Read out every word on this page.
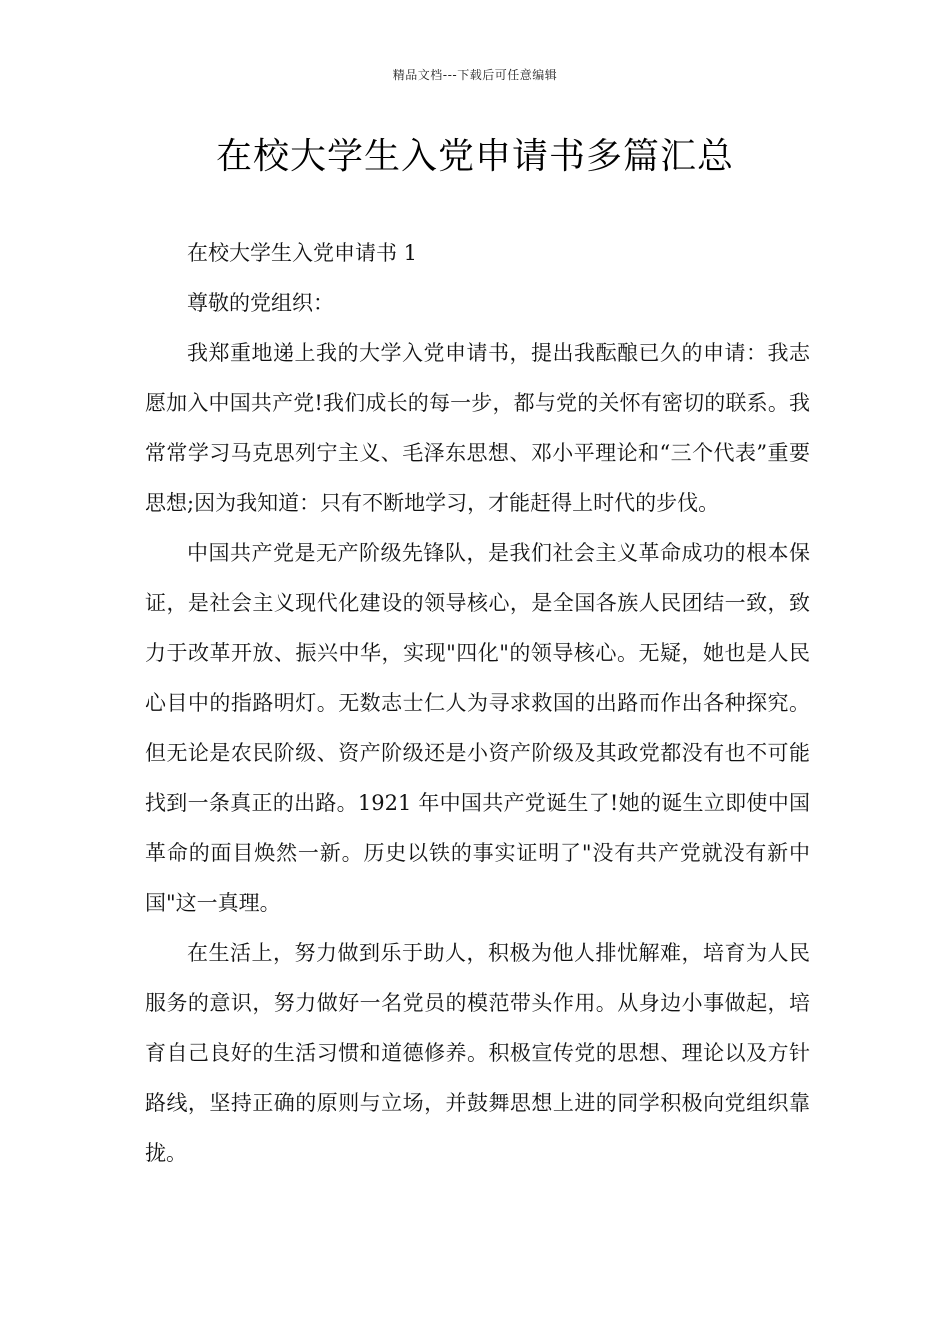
精品文档---下载后可任意编辑
在校大学生入党申请书多篇汇总

在校大学生入党申请书 1

尊敬的党组织：

我郑重地递上我的大学入党申请书，提出我酝酿已久的申请：我志愿加入中国共产党!我们成长的每一步，都与党的关怀有密切的联系。我常常学习马克思列宁主义、毛泽东思想、邓小平理论和“三个代表”重要思想;因为我知道：只有不断地学习，才能赶得上时代的步伐。

中国共产党是无产阶级先锋队，是我们社会主义革命成功的根本保证，是社会主义现代化建设的领导核心，是全国各族人民团结一致，致力于改革开放、振兴中华，实现"四化"的领导核心。无疑，她也是人民心目中的指路明灯。无数志士仁人为寻求救国的出路而作出各种探究。但无论是农民阶级、资产阶级还是小资产阶级及其政党都没有也不可能找到一条真正的出路。1921 年中国共产党诞生了!她的诞生立即使中国革命的面目焕然一新。历史以铁的事实证明了"没有共产党就没有新中国"这一真理。

在生活上，努力做到乐于助人，积极为他人排忧解难，培育为人民服务的意识，努力做好一名党员的模范带头作用。从身边小事做起，培育自己良好的生活习惯和道德修养。积极宣传党的思想、理论以及方针路线，坚持正确的原则与立场，并鼓舞思想上进的同学积极向党组织靠拢。
